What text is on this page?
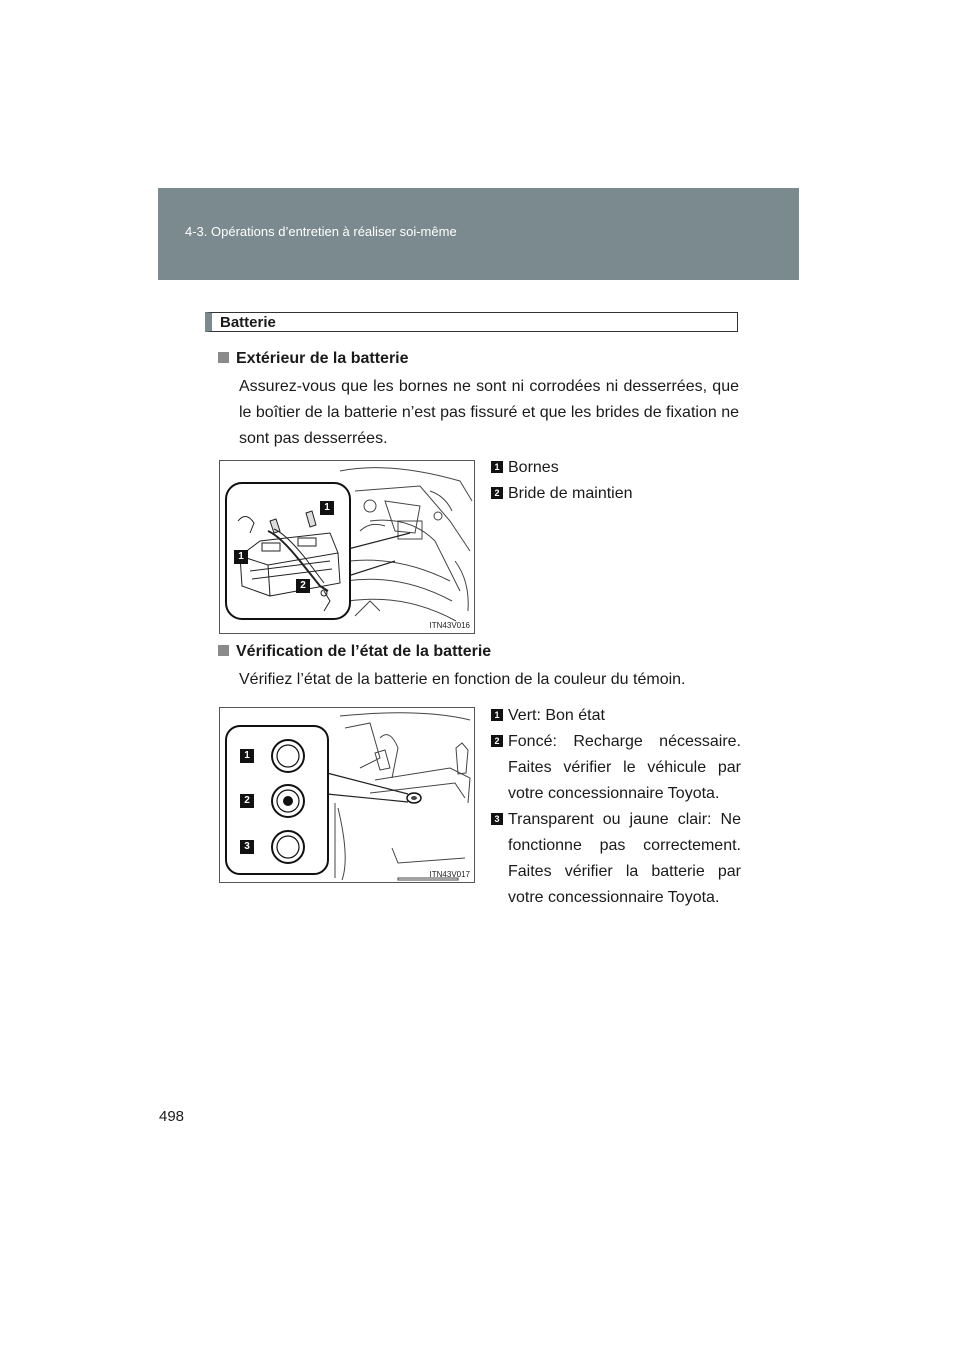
4-3. Opérations d’entretien à réaliser soi-même
Batterie
Extérieur de la batterie
Assurez-vous que les bornes ne sont ni corrodées ni desserrées, que le boîtier de la batterie n’est pas fissuré et que les brides de fixation ne sont pas desserrées.
1
1
2
ITN43V016
1 Bornes
2 Bride de maintien
Vérification de l’état de la batterie
Vérifiez l’état de la batterie en fonction de la couleur du témoin.
1
2
3
ITN43V017
1 Vert: Bon état
2 Foncé: Recharge nécessaire. Faites vérifier le véhicule par votre concessionnaire Toyota.
3 Transparent ou jaune clair: Ne fonctionne pas correctement. Faites vérifier la batterie par votre concessionnaire Toyota.
498
